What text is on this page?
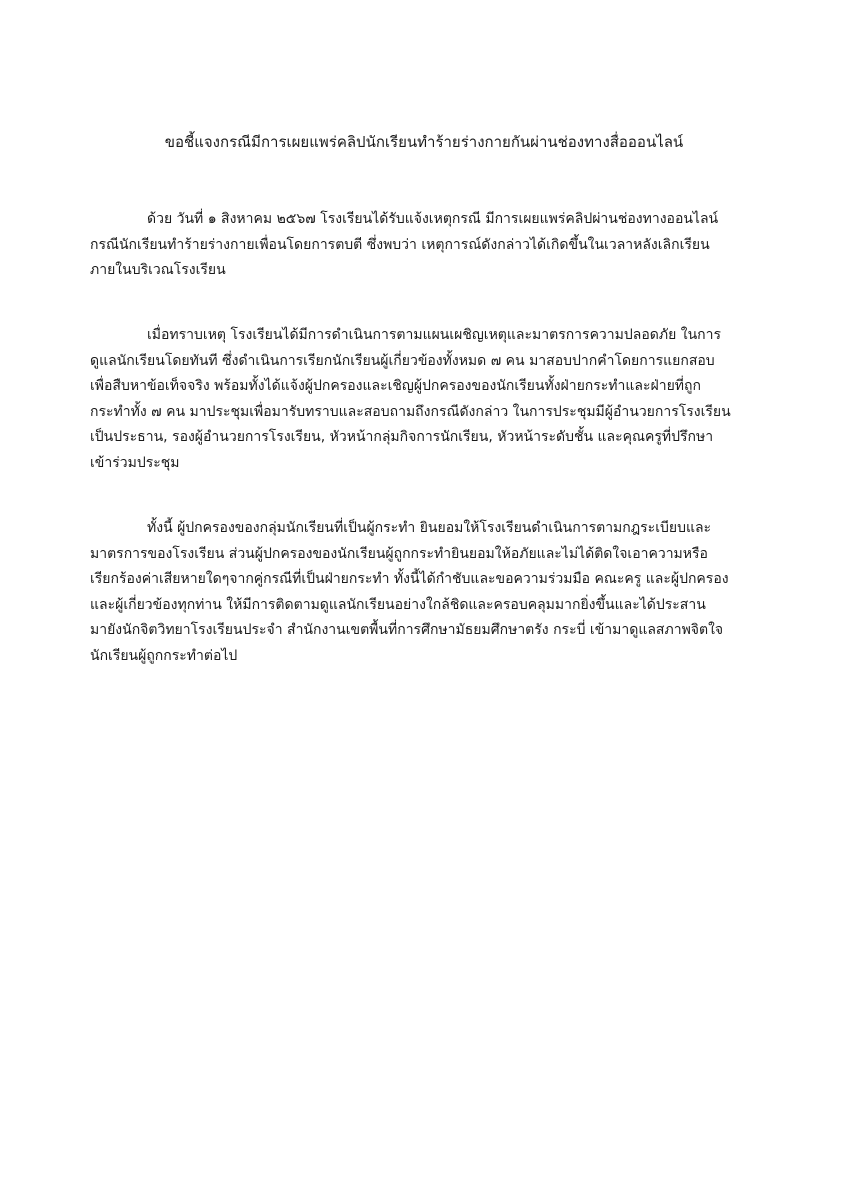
ขอชี้แจงกรณีมีการเผยแพร่คลิปนักเรียนทำร้ายร่างกายกันผ่านช่องทางสื่อออนไลน์
ด้วย วันที่ ๑ สิงหาคม ๒๕๖๗ โรงเรียนได้รับแจ้งเหตุกรณี มีการเผยแพร่คลิปผ่านช่องทางออนไลน์
กรณีนักเรียนทำร้ายร่างกายเพื่อนโดยการตบตี ซึ่งพบว่า เหตุการณ์ดังกล่าวได้เกิดขึ้นในเวลาหลังเลิกเรียน
ภายในบริเวณโรงเรียน
เมื่อทราบเหตุ โรงเรียนได้มีการดำเนินการตามแผนเผชิญเหตุและมาตรการความปลอดภัย ในการ
ดูแลนักเรียนโดยทันที ซึ่งดำเนินการเรียกนักเรียนผู้เกี่ยวข้องทั้งหมด ๗ คน มาสอบปากคำโดยการแยกสอบ
เพื่อสืบหาข้อเท็จจริง พร้อมทั้งได้แจ้งผู้ปกครองและเชิญผู้ปกครองของนักเรียนทั้งฝ่ายกระทำและฝ่ายที่ถูก
กระทำทั้ง ๗ คน มาประชุมเพื่อมารับทราบและสอบถามถึงกรณีดังกล่าว ในการประชุมมีผู้อำนวยการโรงเรียน
เป็นประธาน, รองผู้อำนวยการโรงเรียน, หัวหน้ากลุ่มกิจการนักเรียน, หัวหน้าระดับชั้น และคุณครูที่ปรึกษา
เข้าร่วมประชุม
ทั้งนี้ ผู้ปกครองของกลุ่มนักเรียนที่เป็นผู้กระทำ ยินยอมให้โรงเรียนดำเนินการตามกฎระเบียบและ
มาตรการของโรงเรียน ส่วนผู้ปกครองของนักเรียนผู้ถูกกระทำยินยอมให้อภัยและไม่ได้ติดใจเอาความหรือ
เรียกร้องค่าเสียหายใดๆจากคู่กรณีที่เป็นฝ่ายกระทำ ทั้งนี้ได้กำชับและขอความร่วมมือ คณะครู และผู้ปกครอง
และผู้เกี่ยวข้องทุกท่าน ให้มีการติดตามดูแลนักเรียนอย่างใกล้ชิดและครอบคลุมมากยิ่งขึ้นและได้ประสาน
มายังนักจิตวิทยาโรงเรียนประจำ สำนักงานเขตพื้นที่การศึกษามัธยมศึกษาตรัง กระบี่ เข้ามาดูแลสภาพจิตใจ
นักเรียนผู้ถูกกระทำต่อไป
